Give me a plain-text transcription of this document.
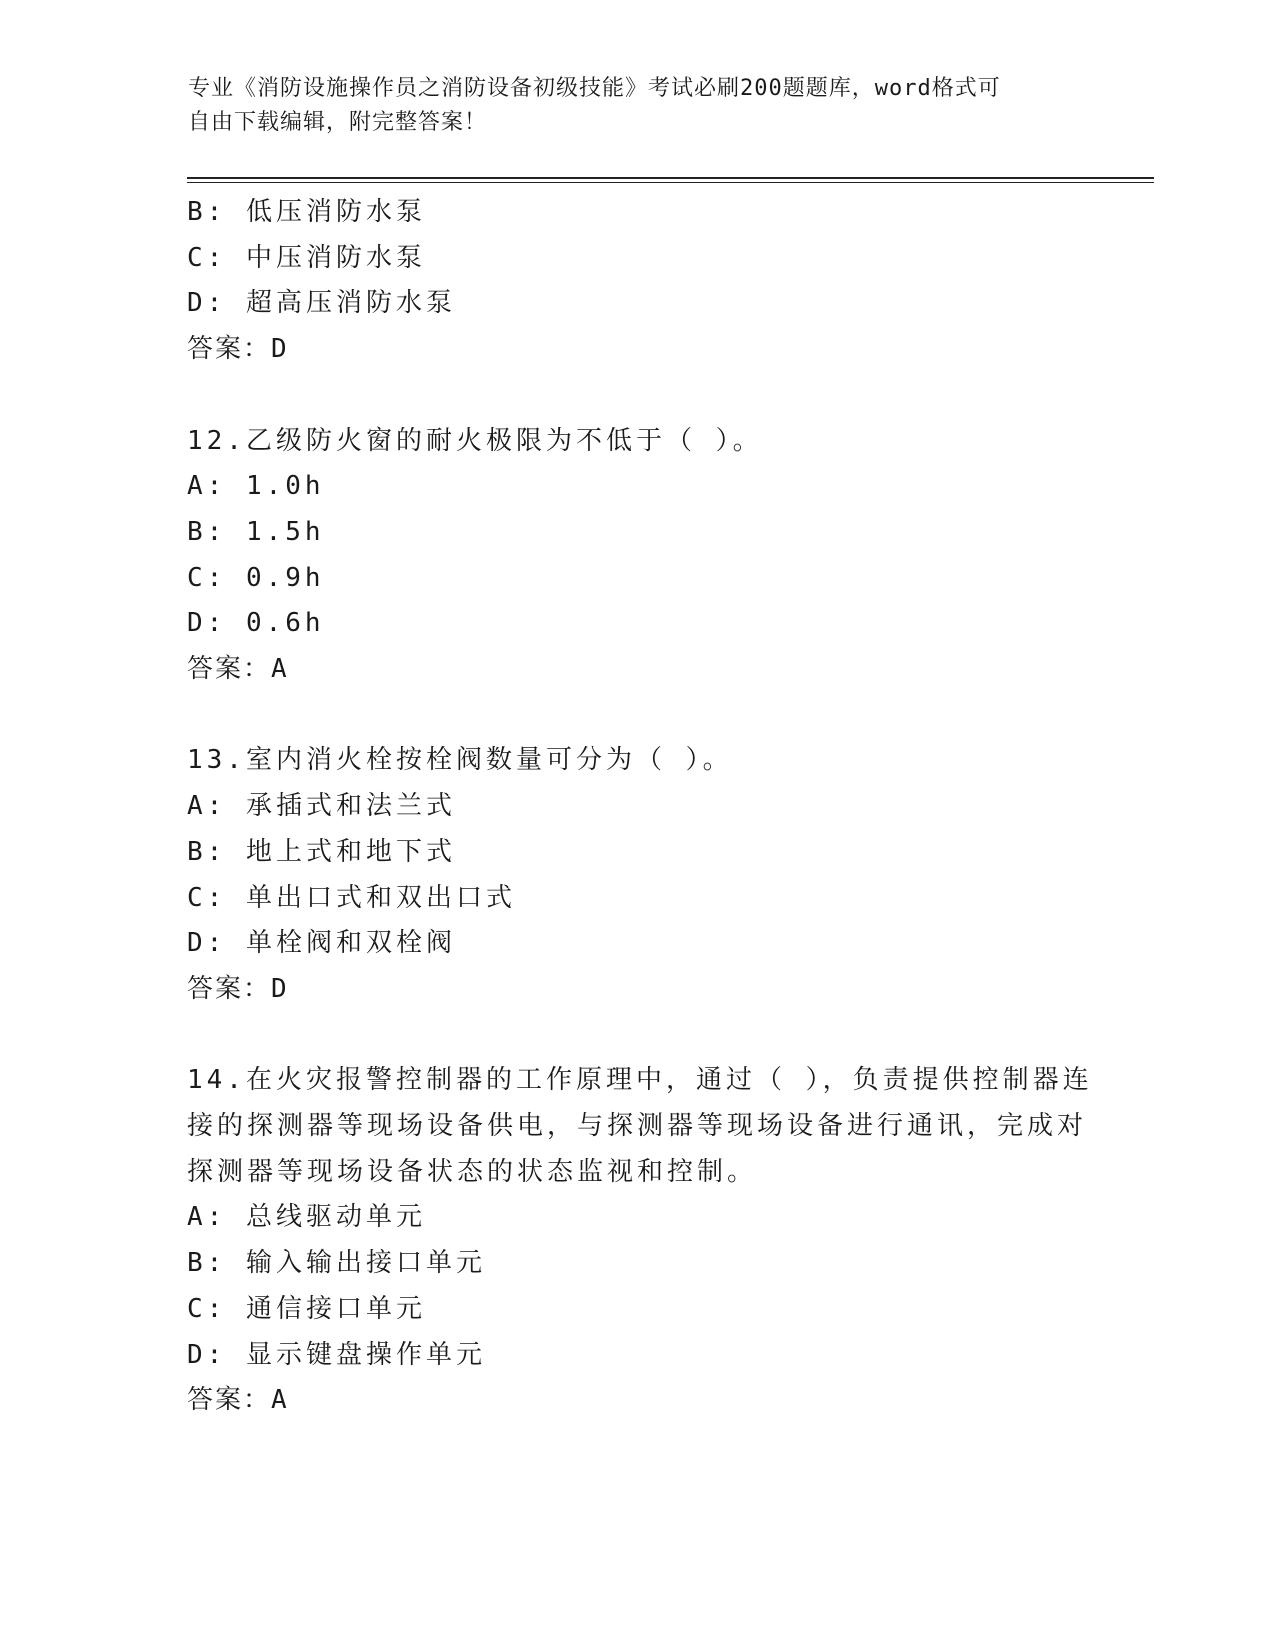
专业《消防设施操作员之消防设备初级技能》考试必刷200题题库，word格式可
自由下载编辑，附完整答案！
B: 低压消防水泵
C: 中压消防水泵
D: 超高压消防水泵
答案：D
12.乙级防火窗的耐火极限为不低于（ ）。
A: 1.0h
B: 1.5h
C: 0.9h
D: 0.6h
答案：A
13.室内消火栓按栓阀数量可分为（ ）。
A: 承插式和法兰式
B: 地上式和地下式
C: 单出口式和双出口式
D: 单栓阀和双栓阀
答案：D
14.在火灾报警控制器的工作原理中，通过（ ），负责提供控制器连
接的探测器等现场设备供电，与探测器等现场设备进行通讯，完成对
探测器等现场设备状态的状态监视和控制。
A: 总线驱动单元
B: 输入输出接口单元
C: 通信接口单元
D: 显示键盘操作单元
答案：A
